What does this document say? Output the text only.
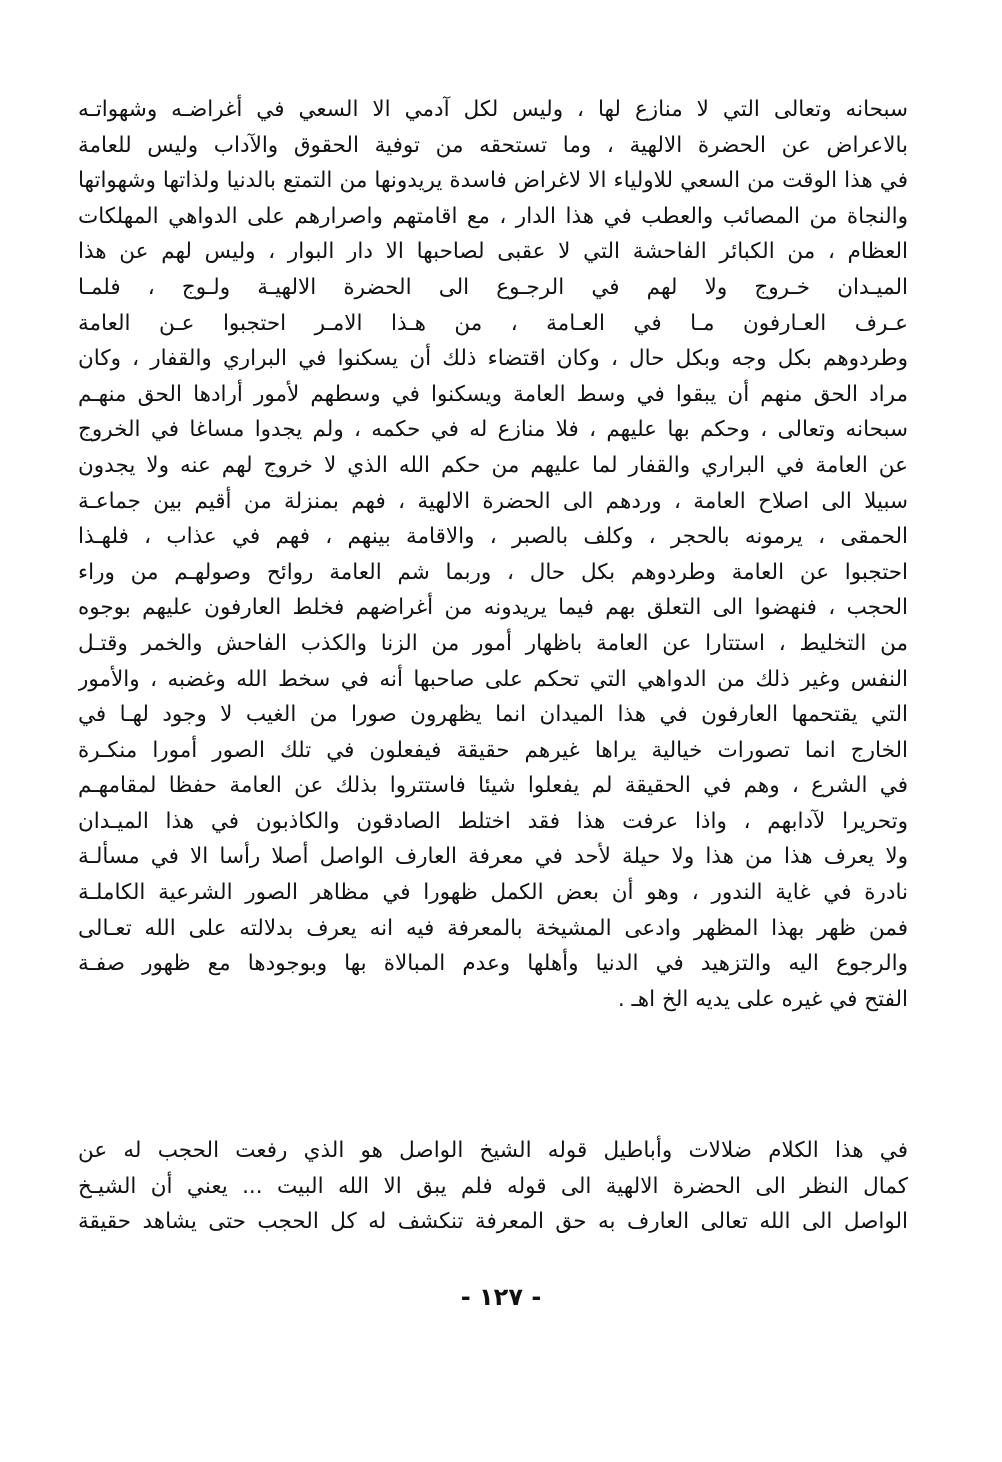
سبحانه وتعالى التي لا منازع لها ، وليس لكل آدمي الا السعي في أغراضـه وشهواتـه
بالاعراض عن الحضرة الالهية ، وما تستحقه من توفية الحقوق والآداب وليس للعامة
في هذا الوقت من السعي للاولياء الا لاغراض فاسدة يريدونها من التمتع بالدنيا ولذاتها وشهواتها
والنجاة من المصائب والعطب في هذا الدار ، مع اقامتهم واصرارهم على الدواهي المهلكات
العظام ، من الكبائر الفاحشة التي لا عقبى لصاحبها الا دار البوار ، وليس لهم عن هذا
الميـدان خـروج ولا لهم في الرجـوع الى الحضرة الالهيـة ولـوج ، فلمـا
عـرف العـارفون مـا في العـامة ، من هـذا الامـر احتجبوا عـن العامة
وطردوهم بكل وجه وبكل حال ، وكان اقتضاء ذلك أن يسكنوا في البراري والقفار ، وكان
مراد الحق منهم أن يبقوا في وسط العامة ويسكنوا في وسطهم لأمور أرادها الحق منهـم
سبحانه وتعالى ، وحكم بها عليهم ، فلا منازع له في حكمه ، ولم يجدوا مساغا في الخروج
عن العامة في البراري والقفار لما عليهم من حكم الله الذي لا خروج لهم عنه ولا يجدون
سبيلا الى اصلاح العامة ، وردهم الى الحضرة الالهية ، فهم بمنزلة من أقيم بين جماعـة
الحمقى ، يرمونه بالحجر ، وكلف بالصبر ، والاقامة بينهم ، فهم في عذاب ، فلهـذا
احتجبوا عن العامة وطردوهم بكل حال ، وربما شم العامة روائح وصولهـم من وراء
الحجب ، فنهضوا الى التعلق بهم فيما يريدونه من أغراضهم فخلط العارفون عليهم بوجوه
من التخليط ، استتارا عن العامة باظهار أمور من الزنا والكذب الفاحش والخمر وقتـل
النفس وغير ذلك من الدواهي التي تحكم على صاحبها أنه في سخط الله وغضبه ، والأمور
التي يقتحمها العارفون في هذا الميدان انما يظهرون صورا من الغيب لا وجود لهـا في
الخارج انما تصورات خيالية يراها غيرهم حقيقة فيفعلون في تلك الصور أمورا منكـرة
في الشرع ، وهم في الحقيقة لم يفعلوا شيئا فاستتروا بذلك عن العامة حفظا لمقامهـم
وتحريرا لآدابهم ، واذا عرفت هذا فقد اختلط الصادقون والكاذبون في هذا الميـدان
ولا يعرف هذا من هذا ولا حيلة لأحد في معرفة العارف الواصل أصلا رأسا الا في مسألـة
نادرة في غاية الندور ، وهو أن بعض الكمل ظهورا في مظاهر الصور الشرعية الكاملـة
فمن ظهر بهذا المظهر وادعى المشيخة بالمعرفة فيه انه يعرف بدلالته على الله تعـالى
والرجوع اليه والتزهيد في الدنيا وأهلها وعدم المبالاة بها وبوجودها مع ظهور صفـة
الفتح في غيره على يديه الخ اهـ .
في هذا الكلام ضلالات وأباطيل قوله الشيخ الواصل هو الذي رفعت الحجب له عن
كمال النظر الى الحضرة الالهية الى قوله فلم يبق الا الله البيت ... يعني أن الشيـخ
الواصل الى الله تعالى العارف به حق المعرفة تنكشف له كل الحجب حتى يشاهد حقيقة
- ١٢٧ -
